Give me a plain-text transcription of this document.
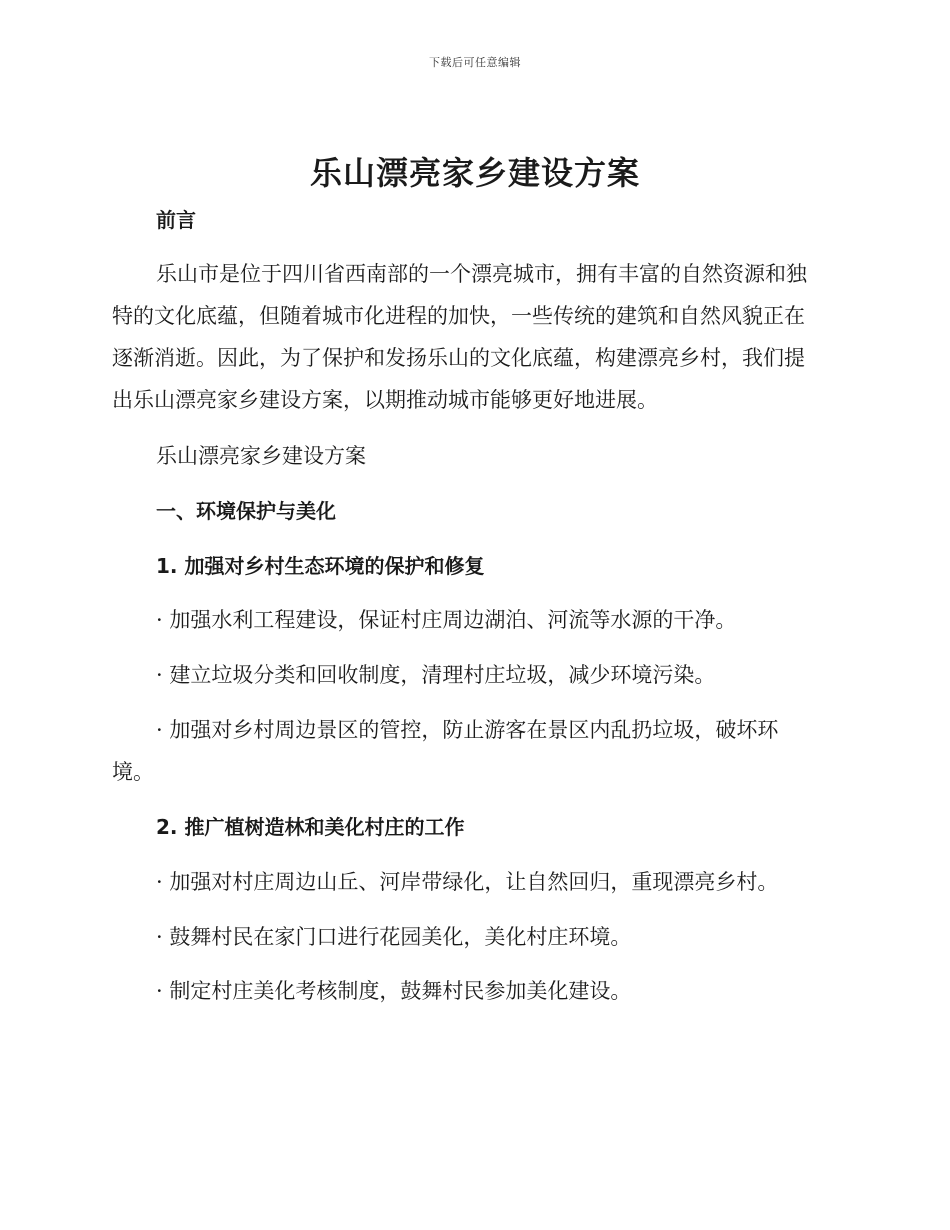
下载后可任意编辑
乐山漂亮家乡建设方案
前言
乐山市是位于四川省西南部的一个漂亮城市，拥有丰富的自然资源和独
特的文化底蕴，但随着城市化进程的加快，一些传统的建筑和自然风貌正在
逐渐消逝。因此，为了保护和发扬乐山的文化底蕴，构建漂亮乡村，我们提
出乐山漂亮家乡建设方案，以期推动城市能够更好地进展。
乐山漂亮家乡建设方案
一、环境保护与美化
1. 加强对乡村生态环境的保护和修复
· 加强水利工程建设，保证村庄周边湖泊、河流等水源的干净。
· 建立垃圾分类和回收制度，清理村庄垃圾，减少环境污染。
· 加强对乡村周边景区的管控，防止游客在景区内乱扔垃圾，破坏环
境。
2. 推广植树造林和美化村庄的工作
· 加强对村庄周边山丘、河岸带绿化，让自然回归，重现漂亮乡村。
· 鼓舞村民在家门口进行花园美化，美化村庄环境。
· 制定村庄美化考核制度，鼓舞村民参加美化建设。
